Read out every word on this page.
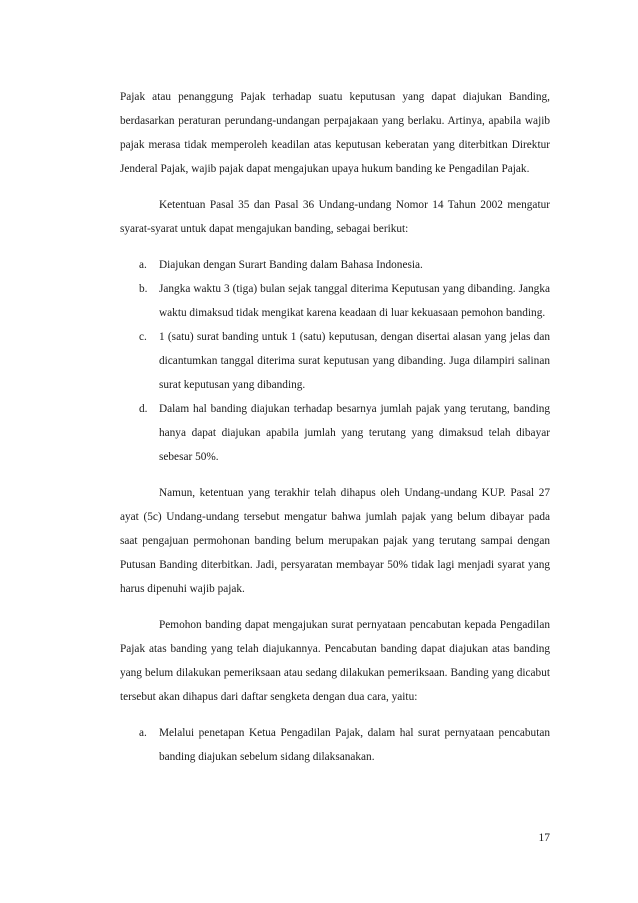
Pajak atau penanggung Pajak terhadap suatu keputusan yang dapat diajukan Banding, berdasarkan peraturan perundang-undangan perpajakaan yang berlaku. Artinya, apabila wajib pajak merasa tidak memperoleh keadilan atas keputusan keberatan yang diterbitkan Direktur Jenderal Pajak, wajib pajak dapat mengajukan upaya hukum banding ke Pengadilan Pajak.

Ketentuan Pasal 35 dan Pasal 36 Undang-undang Nomor 14 Tahun 2002 mengatur syarat-syarat untuk dapat mengajukan banding, sebagai berikut:

a. Diajukan dengan Surart Banding dalam Bahasa Indonesia.
b. Jangka waktu 3 (tiga) bulan sejak tanggal diterima Keputusan yang dibanding. Jangka waktu dimaksud tidak mengikat karena keadaan di luar kekuasaan pemohon banding.
c. 1 (satu) surat banding untuk 1 (satu) keputusan, dengan disertai alasan yang jelas dan dicantumkan tanggal diterima surat keputusan yang dibanding. Juga dilampiri salinan surat keputusan yang dibanding.
d. Dalam hal banding diajukan terhadap besarnya jumlah pajak yang terutang, banding hanya dapat diajukan apabila jumlah yang terutang yang dimaksud telah dibayar sebesar 50%.

Namun, ketentuan yang terakhir telah dihapus oleh Undang-undang KUP. Pasal 27 ayat (5c) Undang-undang tersebut mengatur bahwa jumlah pajak yang belum dibayar pada saat pengajuan permohonan banding belum merupakan pajak yang terutang sampai dengan Putusan Banding diterbitkan. Jadi, persyaratan membayar 50% tidak lagi menjadi syarat yang harus dipenuhi wajib pajak.

Pemohon banding dapat mengajukan surat pernyataan pencabutan kepada Pengadilan Pajak atas banding yang telah diajukannya. Pencabutan banding dapat diajukan atas banding yang belum dilakukan pemeriksaan atau sedang dilakukan pemeriksaan. Banding yang dicabut tersebut akan dihapus dari daftar sengketa dengan dua cara, yaitu:

a. Melalui penetapan Ketua Pengadilan Pajak, dalam hal surat pernyataan pencabutan banding diajukan sebelum sidang dilaksanakan.
17
